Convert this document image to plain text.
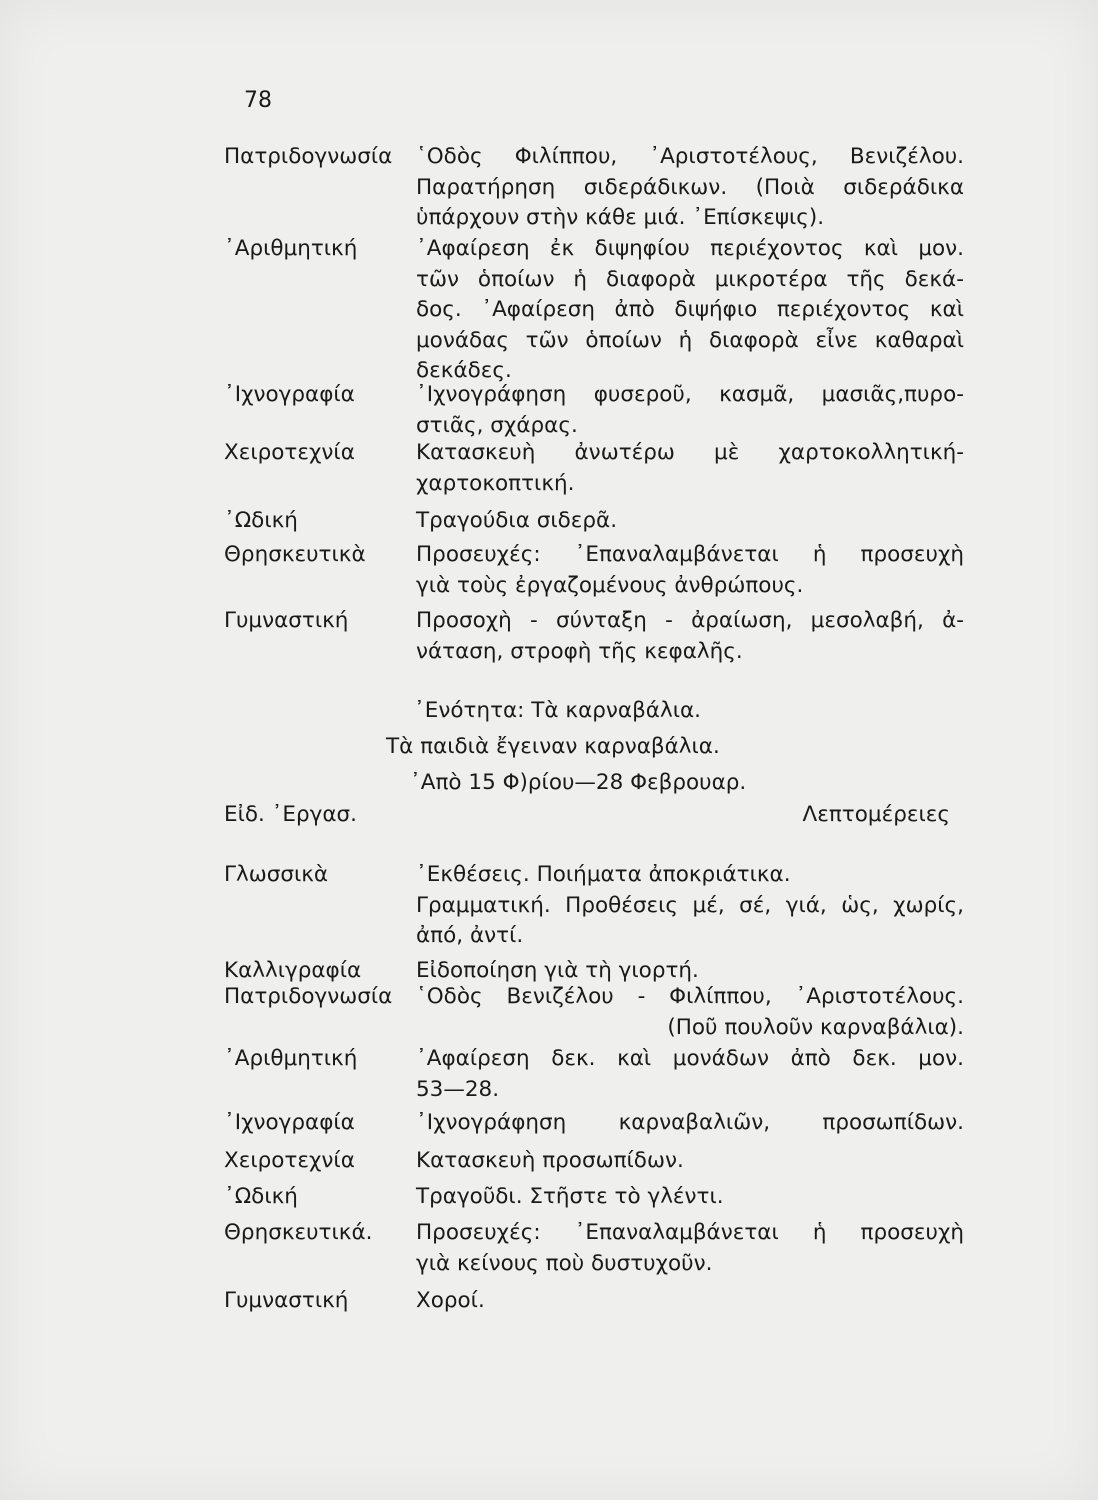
78
Πατριδογνωσία	῾Οδὸς Φιλίππου, ᾿Αριστοτέλους, Βενιζέλου.
Παρατήρηση σιδεράδικων. (Ποιὰ σιδεράδικα
ὑπάρχουν στὴν κάθε μιά. ᾿Επίσκεψις).
᾿Αριθμητική	᾿Αφαίρεση ἐκ διψηφίου περιέχοντος καὶ μον.
τῶν ὁποίων ἡ διαφορὰ μικροτέρα τῆς δεκά-
δος. ᾿Αφαίρεση ἀπὸ διψήφιο περιέχοντος καὶ
μονάδας τῶν ὁποίων ἡ διαφορὰ εἶνε καθαραὶ
δεκάδες.
᾿Ιχνογραφία	᾿Ιχνογράφηση φυσεροῦ, κασμᾶ, μασιᾶς,πυρο-
στιᾶς, σχάρας.
Χειροτεχνία	Κατασκευὴ ἀνωτέρω μὲ χαρτοκολλητική-
χαρτοκοπτική.
᾿Ωδική	Τραγούδια σιδερᾶ.
Θρησκευτικὰ	Προσευχές: ᾿Επαναλαμβάνεται ἡ προσευχὴ
γιὰ τοὺς ἐργαζομένους ἀνθρώπους.
Γυμναστική	Προσοχὴ - σύνταξη - ἀραίωση, μεσολαβή, ἀ-
νάταση, στροφὴ τῆς κεφαλῆς.
᾿Ενότητα: Τὰ καρναβάλια.
Τὰ παιδιὰ ἔγειναν καρναβάλια.
᾿Απὸ 15 Φ)ρίου—28 Φεβρουαρ.
Εἰδ. ᾿Εργασ.	Λεπτομέρειες
Γλωσσικὰ	᾿Εκθέσεις. Ποιήματα ἀποκριάτικα.
Γραμματική. Προθέσεις μέ, σέ, γιά, ὡς, χωρίς,
ἀπό, ἀντί.
Καλλιγραφία	Εἰδοποίηση γιὰ τὴ γιορτή.
Πατριδογνωσία	῾Οδὸς Βενιζέλου - Φιλίππου, ᾿Αριστοτέλους.
(Ποῦ πουλοῦν καρναβάλια).
᾿Αριθμητική	᾿Αφαίρεση δεκ. καὶ μονάδων ἀπὸ δεκ. μον.
53—28.
᾿Ιχνογραφία	᾿Ιχνογράφηση καρναβαλιῶν, προσωπίδων.
Χειροτεχνία	Κατασκευὴ προσωπίδων.
᾿Ωδική	Τραγοῦδι. Στῆστε τὸ γλέντι.
Θρησκευτικά.	Προσευχές: ᾿Επαναλαμβάνεται ἡ προσευχὴ
γιὰ κείνους ποὺ δυστυχοῦν.
Γυμναστική	Χοροί.
